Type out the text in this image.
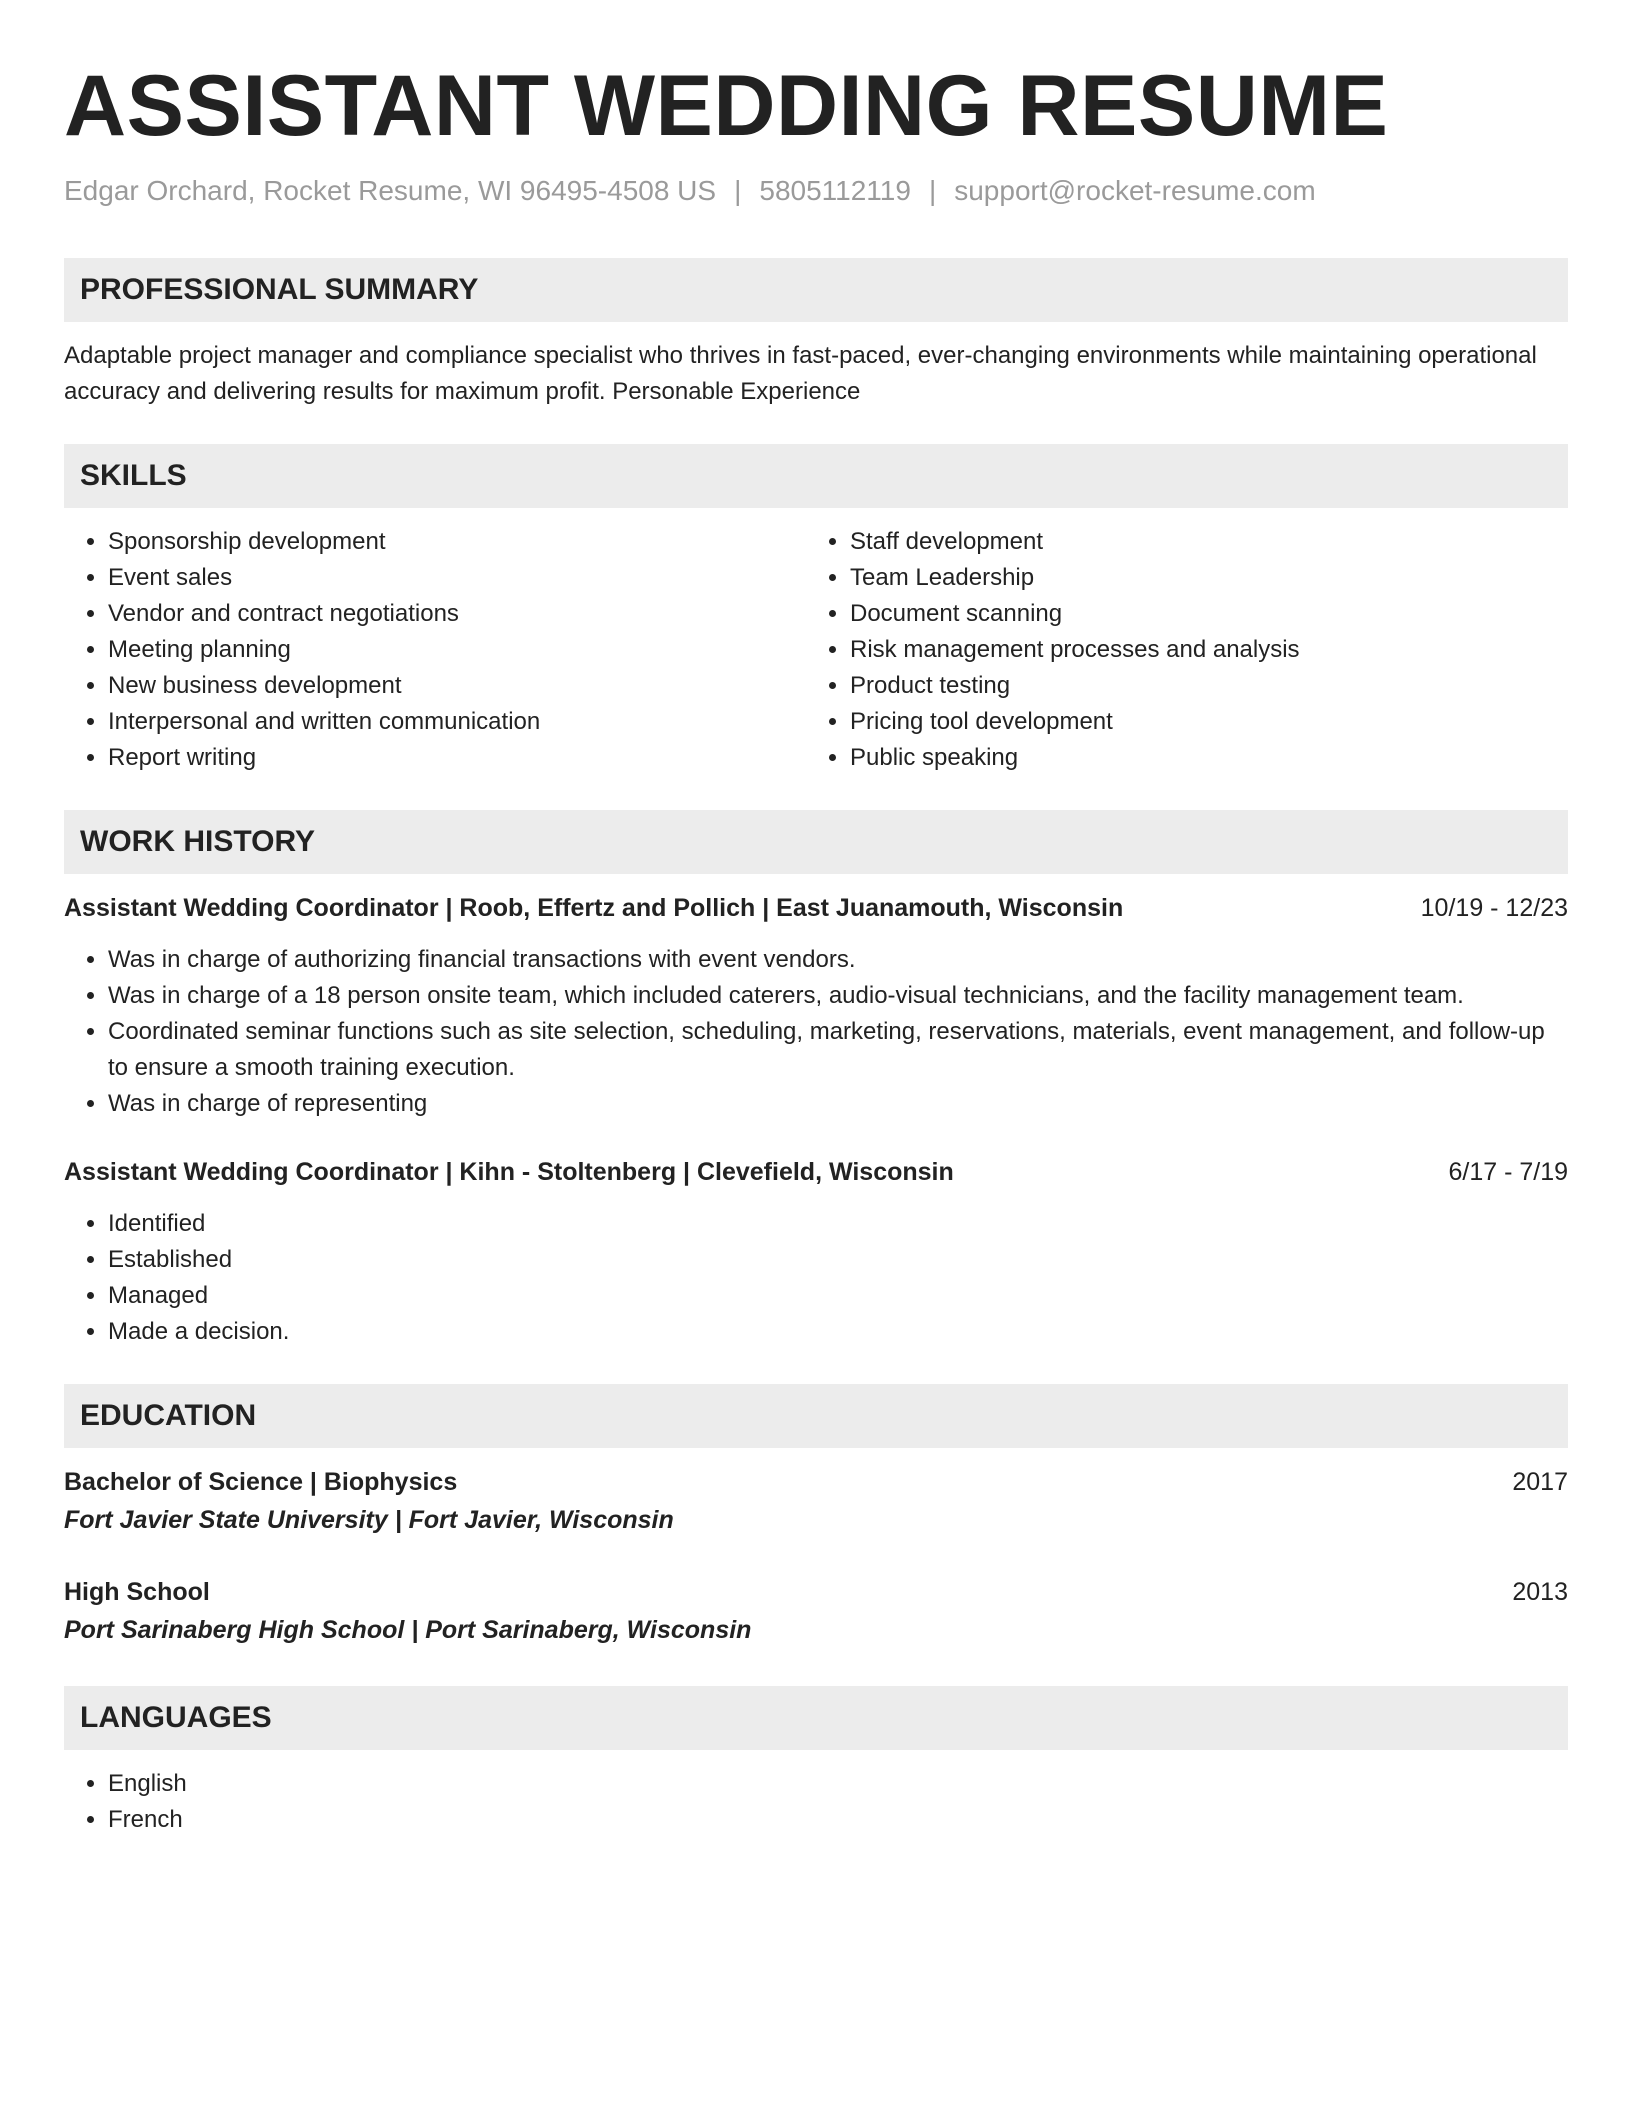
ASSISTANT WEDDING RESUME
Edgar Orchard, Rocket Resume, WI 96495-4508 US | 5805112119 | support@rocket-resume.com
PROFESSIONAL SUMMARY
Adaptable project manager and compliance specialist who thrives in fast-paced, ever-changing environments while maintaining operational accuracy and delivering results for maximum profit. Personable Experience
SKILLS
• Sponsorship development
• Event sales
• Vendor and contract negotiations
• Meeting planning
• New business development
• Interpersonal and written communication
• Report writing
• Staff development
• Team Leadership
• Document scanning
• Risk management processes and analysis
• Product testing
• Pricing tool development
• Public speaking
WORK HISTORY
Assistant Wedding Coordinator | Roob, Effertz and Pollich | East Juanamouth, Wisconsin	10/19 - 12/23
• Was in charge of authorizing financial transactions with event vendors.
• Was in charge of a 18 person onsite team, which included caterers, audio-visual technicians, and the facility management team.
• Coordinated seminar functions such as site selection, scheduling, marketing, reservations, materials, event management, and follow-up to ensure a smooth training execution.
• Was in charge of representing
Assistant Wedding Coordinator | Kihn - Stoltenberg | Clevefield, Wisconsin	6/17 - 7/19
• Identified
• Established
• Managed
• Made a decision.
EDUCATION
Bachelor of Science | Biophysics	2017
Fort Javier State University | Fort Javier, Wisconsin
High School	2013
Port Sarinaberg High School | Port Sarinaberg, Wisconsin
LANGUAGES
• English
• French
